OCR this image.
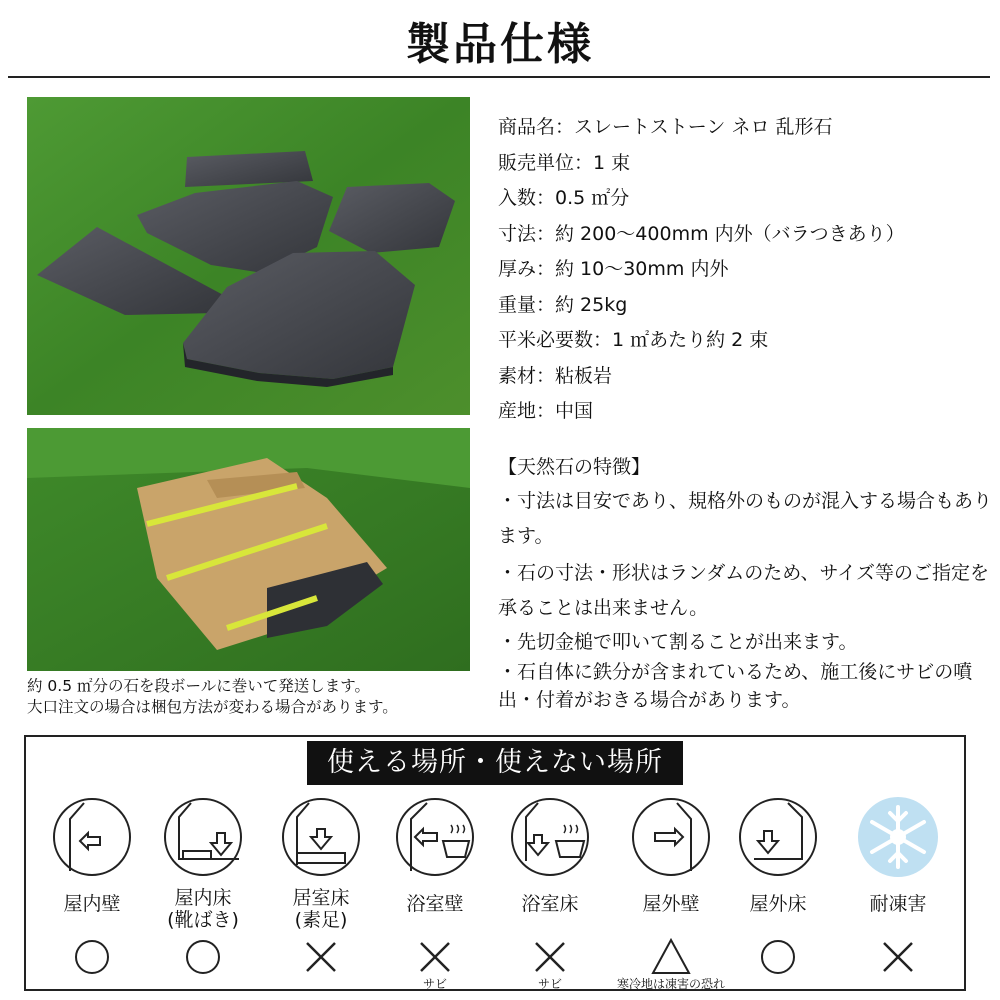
製品仕様
約 0.5 ㎡分の石を段ボールに巻いて発送します。
大口注文の場合は梱包方法が変わる場合があります。
商品名：スレートストーン ネロ 乱形石
販売単位：1 束
入数：0.5 ㎡分
寸法：約 200〜400mm 内外（バラつきあり）
厚み：約 10〜30mm 内外
重量：約 25kg
平米必要数：1 ㎡あたり約 2 束
素材：粘板岩
産地：中国
【天然石の特徴】
・寸法は目安であり、規格外のものが混入する場合もあります。
・石の寸法・形状はランダムのため、サイズ等のご指定を承ることは出来ません。
・先切金槌で叩いて割ることが出来ます。
・石自体に鉄分が含まれているため、施工後にサビの噴出・付着がおきる場合があります。
使える場所・使えない場所
屋内壁	屋内床
(靴ばき)
居室床
(素足)
浴室壁
サビ
浴室床
サビ
屋外壁
寒冷地は凍害の恐れ
屋外床	耐凍害
